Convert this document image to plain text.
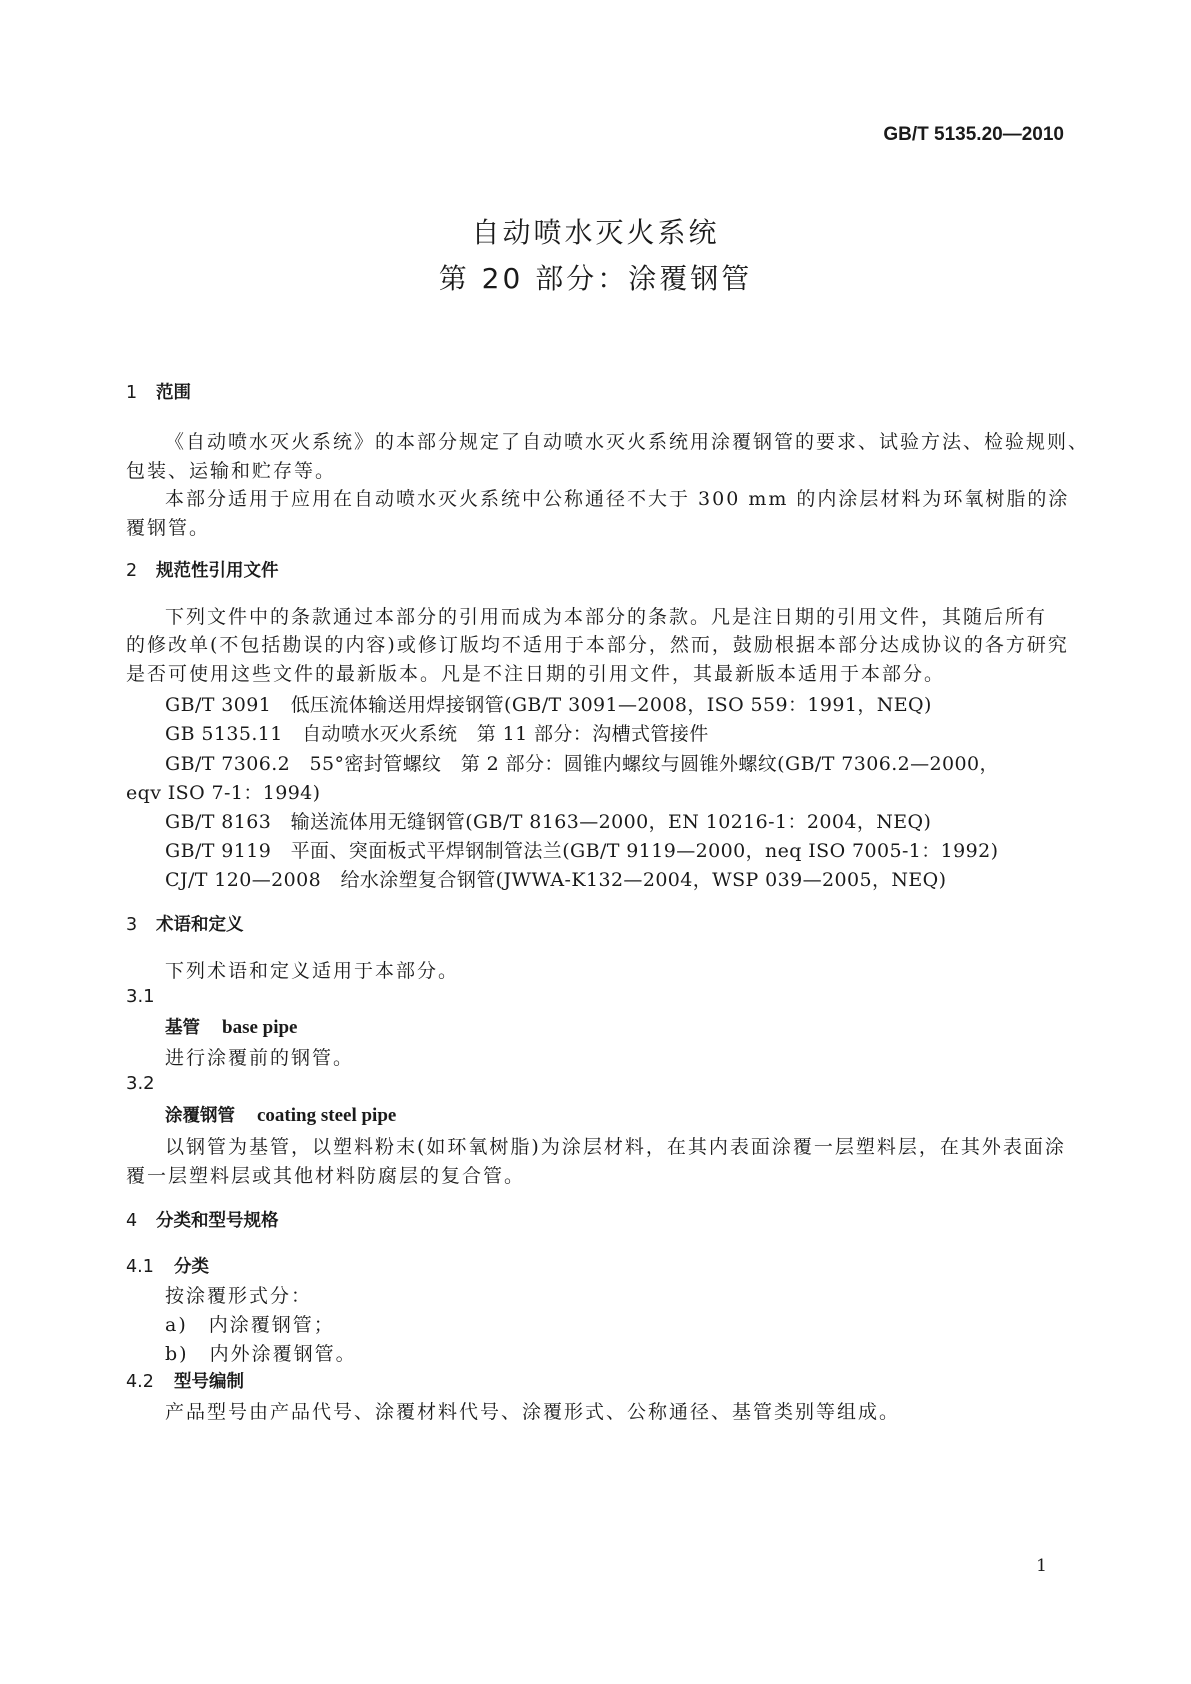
GB/T 5135.20—2010
自动喷水灭火系统
第 20 部分：涂覆钢管
1 范围
《自动喷水灭火系统》的本部分规定了自动喷水灭火系统用涂覆钢管的要求、试验方法、检验规则、
包装、运输和贮存等。
本部分适用于应用在自动喷水灭火系统中公称通径不大于 300 mm 的内涂层材料为环氧树脂的涂
覆钢管。
2 规范性引用文件
下列文件中的条款通过本部分的引用而成为本部分的条款。凡是注日期的引用文件，其随后所有
的修改单(不包括勘误的内容)或修订版均不适用于本部分，然而，鼓励根据本部分达成协议的各方研究
是否可使用这些文件的最新版本。凡是不注日期的引用文件，其最新版本适用于本部分。
GB/T 3091　低压流体输送用焊接钢管(GB/T 3091—2008，ISO 559：1991，NEQ)
GB 5135.11　自动喷水灭火系统　第 11 部分：沟槽式管接件
GB/T 7306.2　55°密封管螺纹　第 2 部分：圆锥内螺纹与圆锥外螺纹(GB/T 7306.2—2000，
eqv ISO 7-1：1994)
GB/T 8163　输送流体用无缝钢管(GB/T 8163—2000，EN 10216-1：2004，NEQ)
GB/T 9119　平面、突面板式平焊钢制管法兰(GB/T 9119—2000，neq ISO 7005-1：1992)
CJ/T 120—2008　给水涂塑复合钢管(JWWA-K132—2004，WSP 039—2005，NEQ)
3 术语和定义
下列术语和定义适用于本部分。
3.1
基管 base pipe
进行涂覆前的钢管。
3.2
涂覆钢管 coating steel pipe
以钢管为基管，以塑料粉末(如环氧树脂)为涂层材料，在其内表面涂覆一层塑料层，在其外表面涂
覆一层塑料层或其他材料防腐层的复合管。
4 分类和型号规格
4.1 分类
按涂覆形式分：
a)　内涂覆钢管；
b)　内外涂覆钢管。
4.2 型号编制
产品型号由产品代号、涂覆材料代号、涂覆形式、公称通径、基管类别等组成。
1
